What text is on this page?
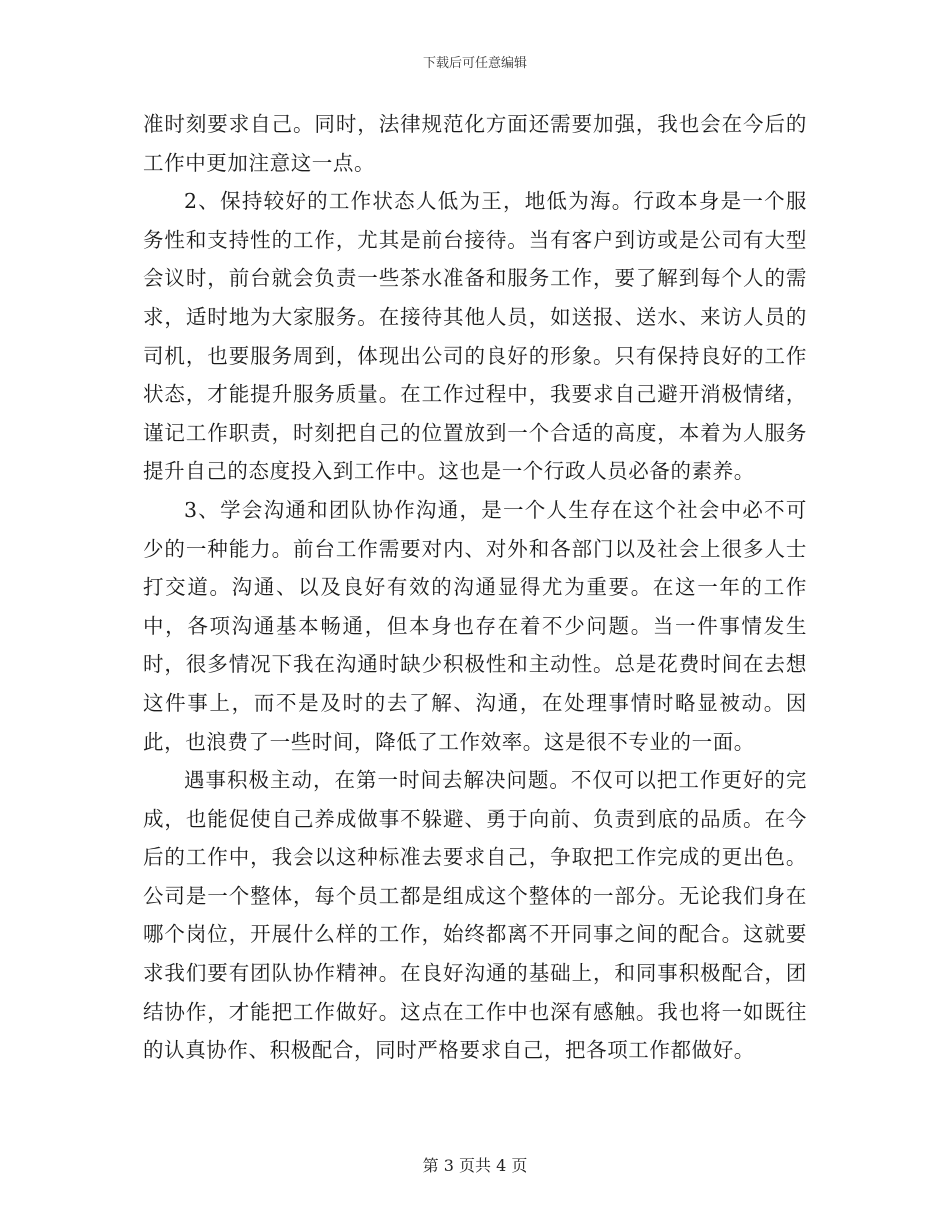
下载后可任意编辑

准时刻要求自己。同时，法律规范化方面还需要加强，我也会在今后的工作中更加注意这一点。

2、保持较好的工作状态人低为王，地低为海。行政本身是一个服务性和支持性的工作，尤其是前台接待。当有客户到访或是公司有大型会议时，前台就会负责一些茶水准备和服务工作，要了解到每个人的需求，适时地为大家服务。在接待其他人员，如送报、送水、来访人员的司机，也要服务周到，体现出公司的良好的形象。只有保持良好的工作状态，才能提升服务质量。在工作过程中，我要求自己避开消极情绪，谨记工作职责，时刻把自己的位置放到一个合适的高度，本着为人服务提升自己的态度投入到工作中。这也是一个行政人员必备的素养。

3、学会沟通和团队协作沟通，是一个人生存在这个社会中必不可少的一种能力。前台工作需要对内、对外和各部门以及社会上很多人士打交道。沟通、以及良好有效的沟通显得尤为重要。在这一年的工作中，各项沟通基本畅通，但本身也存在着不少问题。当一件事情发生时，很多情况下我在沟通时缺少积极性和主动性。总是花费时间在去想这件事上，而不是及时的去了解、沟通，在处理事情时略显被动。因此，也浪费了一些时间，降低了工作效率。这是很不专业的一面。

遇事积极主动，在第一时间去解决问题。不仅可以把工作更好的完成，也能促使自己养成做事不躲避、勇于向前、负责到底的品质。在今后的工作中，我会以这种标准去要求自己，争取把工作完成的更出色。公司是一个整体，每个员工都是组成这个整体的一部分。无论我们身在哪个岗位，开展什么样的工作，始终都离不开同事之间的配合。这就要求我们要有团队协作精神。在良好沟通的基础上，和同事积极配合，团结协作，才能把工作做好。这点在工作中也深有感触。我也将一如既往的认真协作、积极配合，同时严格要求自己，把各项工作都做好。

第 3 页共 4 页
